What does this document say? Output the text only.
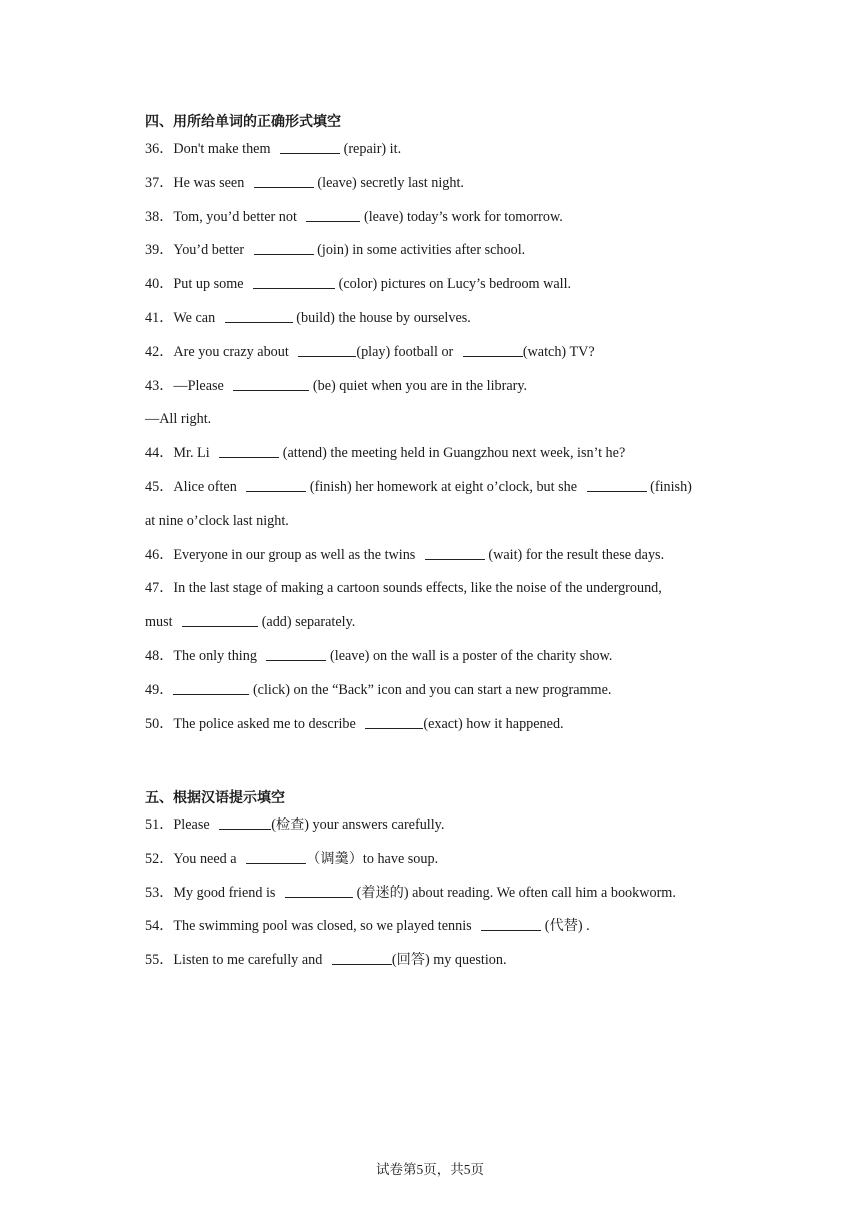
四、用所给单词的正确形式填空
36．Don't make them	(repair) it.
37．He was seen	(leave) secretly last night.
38．Tom, you’d better not	(leave) today’s work for tomorrow.
39．You’d better	(join) in some activities after school.
40．Put up some	(color) pictures on Lucy’s bedroom wall.
41．We can	(build) the house by ourselves.
42．Are you crazy about	(play) football or	(watch) TV?
43．—Please	(be) quiet when you are in the library.
—All right.
44．Mr. Li	(attend) the meeting held in Guangzhou next week, isn’t he?
45．Alice often	(finish) her homework at eight o’clock, but she	(finish)
at nine o’clock last night.
46．Everyone in our group as well as the twins	(wait) for the result these days.
47．In the last stage of making a cartoon sounds effects, like the noise of the underground,
must	(add) separately.
48．The only thing	(leave) on the wall is a poster of the charity show.
49．	(click) on the “Back” icon and you can start a new programme.
50．The police asked me to describe	(exact) how it happened.
五、根据汉语提示填空
51．Please	(检查) your answers carefully.
52．You need a	（调羹）to have soup.
53．My good friend is	(着迷的) about reading. We often call him a bookworm.
54．The swimming pool was closed, so we played tennis	(代替) .
55．Listen to me carefully and	(回答) my question.
试卷第5页，共5页
